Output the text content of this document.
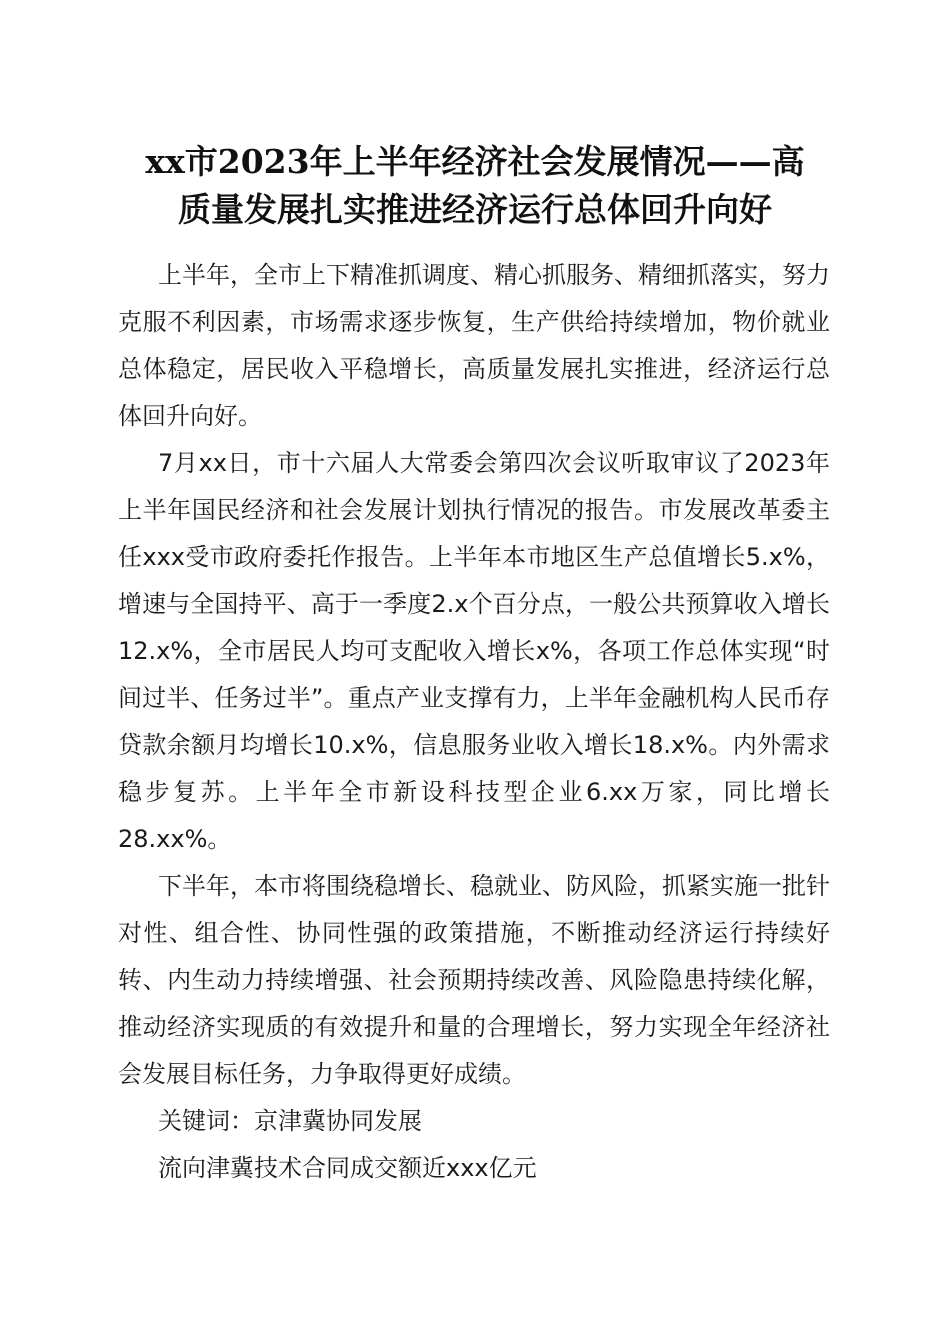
xx市2023年上半年经济社会发展情况——高
质量发展扎实推进经济运行总体回升向好

上半年，全市上下精准抓调度、精心抓服务、精细抓落实，努力克服不利因素，市场需求逐步恢复，生产供给持续增加，物价就业总体稳定，居民收入平稳增长，高质量发展扎实推进，经济运行总体回升向好。

7月xx日，市十六届人大常委会第四次会议听取审议了2023年上半年国民经济和社会发展计划执行情况的报告。市发展改革委主任xxx受市政府委托作报告。上半年本市地区生产总值增长5.x%，增速与全国持平、高于一季度2.x个百分点，一般公共预算收入增长12.x%，全市居民人均可支配收入增长x%，各项工作总体实现“时间过半、任务过半”。重点产业支撑有力，上半年金融机构人民币存贷款余额月均增长10.x%，信息服务业收入增长18.x%。内外需求稳步复苏。上半年全市新设科技型企业6.xx万家，同比增长28.xx%。

下半年，本市将围绕稳增长、稳就业、防风险，抓紧实施一批针对性、组合性、协同性强的政策措施，不断推动经济运行持续好转、内生动力持续增强、社会预期持续改善、风险隐患持续化解，推动经济实现质的有效提升和量的合理增长，努力实现全年经济社会发展目标任务，力争取得更好成绩。

关键词：京津冀协同发展

流向津冀技术合同成交额近xxx亿元
